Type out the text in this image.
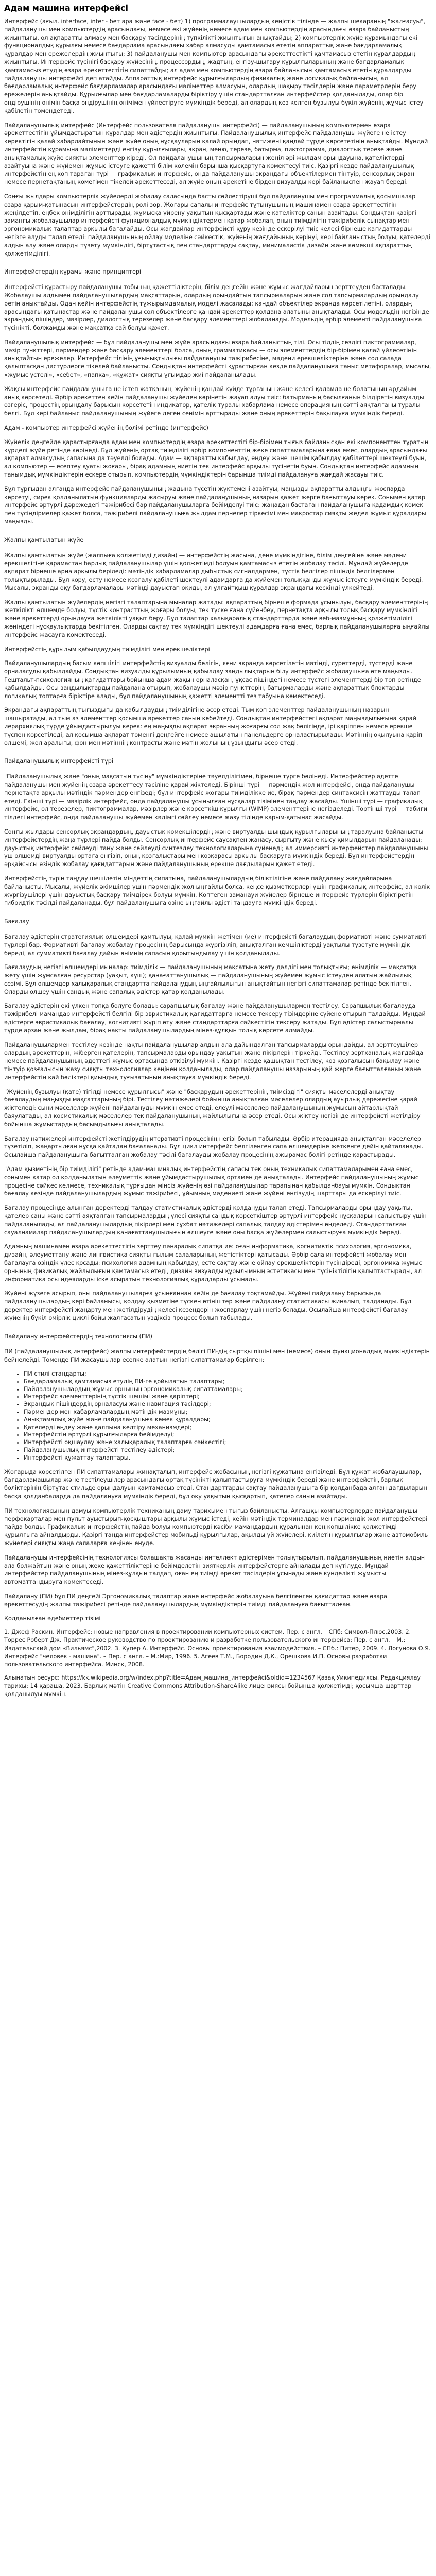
Адам машина интерфейсі

Интерфейс (ағыл. interface, inter - бет ара және face - бет) 1) программалаушылардың кеңістік тілінде — жалпы шекараның "жалғасуы", пайдаланушы мен компьютердің арасындағы, немесе екі жүйенің немесе адам мен компьютердің арасындағы өзара байланыстың жиынтығы, ол ақпаратты алмасу мен басқару тәсілдерінің түпкілікті жиынтығын анықтайды; 2) компьютерлік жүйе құрамындағы екі функционалдық құрылғы немесе бағдарлама арасындағы хабар алмасуды қамтамасыз ететін аппараттық және бағдарламалық құралдар мен ережелердің жиынтығы; 3) пайдаланушы мен компьютер арасындағы әрекеттестікті қамтамасыз ететін құралдардың жиынтығы. Интерфейс түсінігі басқару жүйесінің, процессордың, жадтың, енгізу-шығару құрылғыларының және бағдарламалық қамтамасыз етудің өзара әрекеттестігін сипаттайды; ал адам мен компьютердің өзара байланысын қамтамасыз ететін құралдарды пайдаланушы интерфейсі деп атайды. Аппараттық интерфейс құрылғылардың физикалық және логикалық байланысын, ал бағдарламалық интерфейс бағдарламалар арасындағы мәліметтер алмасуын, олардың шақыру тәсілдерін және параметрлерін беру ережелерін анықтайды. Құрылғылар мен бағдарламаларды біріктіру үшін стандартталған интерфейстер қолданылады, олар бір өндірушінің өнімін басқа өндірушінің өнімімен үйлестіруге мүмкіндік береді, ал олардың кез келген бұзылуы бүкіл жүйенің жұмыс істеу қабілетін төмендетеді.

Пайдаланушылық интерфейс (Интерфейс пользователя пайдаланушы интерфейсі) — пайдаланушының компьютермен өзара әрекеттестігін ұйымдастыратын құралдар мен әдістердің жиынтығы. Пайдаланушылық интерфейс пайдаланушы жүйеге не істеу керектігін қалай хабарлайтынын және жүйе оның нұсқауларын қалай орындап, нәтижені қандай түрде көрсететінін анықтайды. Мұндай интерфейстің құрамына мәліметтерді енгізу құрылғылары, экран, меню, терезе, батырма, пиктограмма, диалогтық терезе және анықтамалық жүйе сияқты элементтер кіреді. Ол пайдаланушының тапсырмаларын жеңіл әрі жылдам орындауына, қателіктерді азайтуына және жүйемен жұмыс істеуге қажетті білім көлемін барынша қысқартуға көмектесуі тиіс. Қазіргі кезде пайдаланушылық интерфейстің ең көп тараған түрі — графикалық интерфейс, онда пайдаланушы экрандағы объектілермен тінтуір, сенсорлық экран немесе пернетақтаның көмегімен тікелей әрекеттеседі, ал жүйе оның әрекетіне бірден визуалды кері байланыспен жауап береді.

Соңғы жылдары компьютерлік жүйелерді жобалау саласында басты сөйлестіруші бұл пайдаланушы мен программалық қосымшалар өзара қарым-қатынасын интерфейстердің рөлі зор. Жоғары сапалы интерфейс тұтынушының машинамен өзара әрекеттестігін жеңілдетіп, еңбек өнімділігін арттырады, жұмысқа үйрену уақытын қысқартады және қателіктер санын азайтады. Сондықтан қазіргі заманғы жобалаушылар интерфейсті функционалдық мүмкіндіктермен қатар жобалап, оның тиімділігін тәжірибелік сынақтар мен эргономикалық талаптар арқылы бағалайды. Осы жағдайлар интерфейсті құру кезінде ескерілуі тиіс келесі бірнеше қағидаттарды негізге алуды талап етеді: пайдаланушының ойлау моделіне сәйкестік, жүйенің жағдайының көрінуі, кері байланыстың болуы, қателерді алдын алу және оларды түзету мүмкіндігі, біртұтастық пен стандарттарды сақтау, минималистік дизайн және көмекші ақпараттың қолжетімділігі.

Интерфейстердің құрамы және принциптері

Интерфейсті құрастыру пайдаланушы тобының қажеттіліктерін, білім деңгейін және жұмыс жағдайларын зерттеуден басталады. Жобалаушы алдымен пайдаланушылардың мақсаттарын, олардың орындайтын тапсырмаларын және сол тапсырмалардың орындалу ретін анықтайды. Одан кейін интерфейстің тұжырымдамалық моделі жасалады: қандай объектілер экранда көрсетілетіні, олардың арасындағы қатынастар және пайдаланушы сол объектілерге қандай әрекеттер қолдана алатыны анықталады. Осы модельдің негізінде экрандық пішіндер, мәзірлер, диалогтық терезелер және басқару элементтері жобаланады. Модельдің әрбір элементі пайдаланушыға түсінікті, болжамды және мақсатқа сай болуы қажет.

Пайдаланушылық интерфейс — бұл пайдаланушы мен жүйе арасындағы өзара байланыстың тілі. Осы тілдің сөздігі пиктограммалар, мәзір пункттері, пәрмендер және басқару элементтері болса, оның грамматикасы — осы элементтердің бір-бірімен қалай үйлесетінін анықтайтын ережелер. Интерфейс тілінің ұғынықтылығы пайдаланушы тәжірибесіне, мәдени ерекшеліктеріне және сол салада қалыптасқан дәстүрлерге тікелей байланысты. Сондықтан интерфейсті құрастырған кезде пайдаланушыға таныс метафоралар, мысалы, «жұмыс үстелі», «себет», «папка», «құжат» сияқты ұғымдар жиі пайдаланылады.

Жақсы интерфейс пайдаланушыға не істеп жатқанын, жүйенің қандай күйде тұрғанын және келесі қадамда не болатынын әрдайым анық көрсетеді. Әрбір әрекеттен кейін пайдаланушы жүйеден көрінетін жауап алуы тиіс: батырманың басылғанын білдіретін визуалды өзгеріс, процестің орындалу барысын көрсететін индикатор, қателік туралы хабарлама немесе операцияның сәтті аяқталғаны туралы белгі. Бұл кері байланыс пайдаланушының жүйеге деген сенімін арттырады және оның әрекеттерін бақылауға мүмкіндік береді.

Адам - компьютер интерфейсі жүйенің бөлімі ретінде (интерфейс)

Жүйелік деңгейде қарастырғанда адам мен компьютердің өзара әрекеттестігі бір-бірімен тығыз байланысқан екі компоненттен тұратын күрделі жүйе ретінде көрінеді. Бұл жүйенің ортақ тиімділігі әрбір компоненттің жеке сипаттамаларына ғана емес, олардың арасындағы ақпарат алмасудың сапасына да тәуелді болады. Адам — ақпаратты қабылдау, өңдеу және шешім қабылдау қабілеттері шектеулі буын, ал компьютер — есептеу қуаты жоғары, бірақ адамның ниетін тек интерфейс арқылы түсінетін буын. Сондықтан интерфейс адамның танымдық мүмкіндіктерін ескере отырып, компьютердің мүмкіндіктерін барынша тиімді пайдалануға жағдай жасауы тиіс.

Бұл тұрғыдан алғанда интерфейс пайдаланушының жадына түсетін жүктемені азайтуы, маңызды ақпаратты алдыңғы жоспарда көрсетуі, сирек қолданылатын функцияларды жасыруы және пайдаланушының назарын қажет жерге бағыттауы керек. Сонымен қатар интерфейс әртүрлі дәрежедегі тәжірибесі бар пайдаланушыларға бейімделуі тиіс: жаңадан бастаған пайдаланушыға қадамдық көмек пен түсіндірмелер қажет болса, тәжірибелі пайдаланушыға жылдам пернелер тіркесімі мен макростар сияқты жедел жұмыс құралдары маңызды.

Жалпы қамтылатын жүйе

Жалпы қамтылатын жүйе (жалпыға қолжетімді дизайн) — интерфейстің жасына, дене мүмкіндігіне, білім деңгейіне және мәдени ерекшелігіне қарамастан барлық пайдаланушылар үшін қолжетімді болуын қамтамасыз ететін жобалау тәсілі. Мұндай жүйелерде ақпарат бірнеше арна арқылы беріледі: мәтіндік хабарламалар дыбыстық сигналдармен, түстік белгілер пішіндік белгілермен толықтырылады. Бұл көру, есту немесе қозғалу қабілеті шектеулі адамдарға да жүйемен толыққанды жұмыс істеуге мүмкіндік береді. Мысалы, экранды оқу бағдарламалары мәтінді дауыстап оқиды, ал ұлғайтқыш құралдар экрандағы кескінді үлкейтеді.

Жалпы қамтылатын жүйелердің негізгі талаптарына мыналар жатады: ақпараттың бірнеше формада ұсынылуы, басқару элементтерінің жеткілікті өлшемде болуы, түстік контрасттың жоғары болуы, тек түске ғана сүйенбеу, пернетақта арқылы толық басқару мүмкіндігі және әрекеттерді орындауға жеткілікті уақыт беру. Бұл талаптар халықаралық стандарттарда және веб-мазмұнның қолжетімділігі жөніндегі нұсқаулықтарда бекітілген. Оларды сақтау тек мүмкіндігі шектеулі адамдарға ғана емес, барлық пайдаланушыларға ыңғайлы интерфейс жасауға көмектеседі.

Интерфейстің құрылым қабылдаудың тиімділігі мен ерекшеліктері

Пайдаланушылардың басым көпшілігі интерфейстің визуалды бөлігін, яғни экранда көрсетілетін мәтінді, суреттерді, түстерді және орналасуды қабылдайды. Сондықтан визуалды құрылымның қабылдау заңдылықтарын білу интерфейс жобалаушыға өте маңызды. Гештальт-психологияның қағидаттары бойынша адам жақын орналасқан, ұқсас пішіндегі немесе түстегі элементтерді бір топ ретінде қабылдайды. Осы заңдылықтарды пайдалана отырып, жобалаушы мәзір пункттерін, батырмаларды және ақпараттық блоктарды логикалық топтарға біріктіре алады, бұл пайдаланушының қажетті элементті тез табуына көмектеседі.

Экрандағы ақпараттың тығыздығы да қабылдаудың тиімділігіне әсер етеді. Тым көп элементтер пайдаланушының назарын шашыратады, ал тым аз элементтер қосымша әрекеттер санын көбейтеді. Сондықтан интерфейстегі ақпарат маңыздылығына қарай иерархиялық түрде ұйымдастырылуы керек: ең маңызды ақпарат экранның жоғарғы сол жақ бөлігінде, ірі қаріппен немесе ерекше түспен көрсетіледі, ал қосымша ақпарат төменгі деңгейге немесе ашылатын панельдерге орналастырылады. Мәтіннің оқылуына қаріп өлшемі, жол аралығы, фон мен мәтіннің контрасты және мәтін жолының ұзындығы әсер етеді.

Пайдаланушылық интерфейсті түрі

"Пайдаланушылық және "оның мақсатын түсіну" мүмкіндіктеріне тәуелділігімен, бірнеше түрге бөлінеді. Интерфейстер әдетте пайдаланушы мен жүйенің өзара әрекеттесу тәсіліне қарай жіктеледі. Бірінші түрі — пәрмендік жол интерфейсі, онда пайдаланушы пернетақта арқылы мәтіндік пәрмендер енгізеді; бұл интерфейс жоғары тиімділікке ие, бірақ пәрмендер синтаксисін жаттауды талап етеді. Екінші түрі — мәзірлік интерфейс, онда пайдаланушы ұсынылған нұсқалар тізімінен таңдау жасайды. Үшінші түрі — графикалық интерфейс, ол терезелер, пиктограммалар, мәзірлер және көрсеткіш құрылғы (WIMP) элементтеріне негізделеді. Төртінші түрі — табиғи тілдегі интерфейс, онда пайдаланушы жүйемен кәдімгі сөйлеу немесе жазу тілінде қарым-қатынас жасайды.

Соңғы жылдары сенсорлық экрандардың, дауыстық көмекшілердің және виртуалды шындық құрылғыларының таралуына байланысты интерфейстердің жаңа түрлері пайда болды. Сенсорлық интерфейс саусақпен жанасу, сырғыту және қысу қимылдарын пайдаланады; дауыстық интерфейс сөйлеуді тану және сөйлеуді синтездеу технологияларына сүйенеді; ал иммерсивті интерфейстер пайдаланушыны үш өлшемді виртуалды ортаға енгізіп, оның қозғалыстары мен көзқарасы арқылы басқаруға мүмкіндік береді. Бұл интерфейстердің әрқайсысы өзіндік жобалау қағидаттарын және пайдаланушының ерекше дағдыларын қажет етеді.

Интерфейстің түрін таңдау шешілетін міндеттің сипатына, пайдаланушылардың біліктілігіне және пайдалану жағдайларына байланысты. Мысалы, жүйелік әкімшілер үшін пәрмендік жол ыңғайлы болса, кеңсе қызметкерлері үшін графикалық интерфейс, ал көлік жүргізушілері үшін дауыстық басқару тиімдірек болуы мүмкін. Көптеген заманауи жүйелер бірнеше интерфейс түрлерін біріктіретін гибридтік тәсілді пайдаланады, бұл пайдаланушыға өзіне ыңғайлы әдісті таңдауға мүмкіндік береді.

Бағалау

Бағалау әдістерін стратегиялық өлшемдері қамтылуы, қалай мүмкін жетімен (ие) интерфейсті бағалаудың формативті және суммативті түрлері бар. Формативті бағалау жобалау процесінің барысында жүргізіліп, анықталған кемшіліктерді уақтылы түзетуге мүмкіндік береді, ал суммативті бағалау дайын өнімнің сапасын қорытындылау үшін қолданылады.

Бағалаудың негізгі өлшемдері мыналар: тиімділік — пайдаланушының мақсатына жету дәлдігі мен толықтығы; өнімділік — мақсатқа жету үшін жұмсалған ресурстар (уақыт, күш); қанағаттанушылық — пайдаланушының жүйемен жұмыс істеуден алатын жайлылық сезімі. Бұл өлшемдер халықаралық стандартта пайдаланудың ыңғайлылығын анықтайтын негізгі сипаттамалар ретінде бекітілген. Оларды өлшеу үшін сандық және сапалық әдістер қатар қолданылады.

Бағалау әдістерін екі үлкен топқа бөлуге болады: сарапшылық бағалау және пайдаланушылармен тестілеу. Сарапшылық бағалауда тәжірибелі мамандар интерфейсті белгілі бір эвристикалық қағидаттарға немесе тексеру тізімдеріне сүйене отырып талдайды. Мұндай әдістерге эвристикалық бағалау, когнитивті жүріп өту және стандарттарға сәйкестігін тексеру жатады. Бұл әдістер салыстырмалы түрде арзан және жылдам, бірақ нақты пайдаланушылардың мінез-құлқын толық көрсете алмайды.

Пайдаланушылармен тестілеу кезінде нақты пайдаланушылар алдын ала дайындалған тапсырмаларды орындайды, ал зерттеушілер олардың әрекеттерін, жіберген қателерін, тапсырмаларды орындау уақытын және пікірлерін тіркейді. Тестілеу зертханалық жағдайда немесе пайдаланушының әдеттегі жұмыс ортасында өткізілуі мүмкін. Қазіргі кезде қашықтан тестілеу, көз қозғалысын бақылау және тінтуір қозғалысын жазу сияқты технологиялар кеңінен қолданылады, олар пайдаланушы назарының қай жерге бағытталғанын және интерфейстің қай бөліктері қиындық туғызатынын анықтауға мүмкіндік береді.

"Жүйенің бұзылуы (қате) тігілді немесе құрылғысы" және "басқарудың әрекеттерінің тиімсіздігі" сияқты мәселелерді анықтау бағалаудың маңызды мақсаттарының бірі. Тестілеу нәтижелері бойынша анықталған мәселелер олардың ауырлық дәрежесіне қарай жіктеледі: сыни мәселелер жүйені пайдалануды мүмкін емес етеді, елеулі мәселелер пайдаланушының жұмысын айтарлықтай баяулатады, ал косметикалық мәселелер тек пайдаланушының жайлылығына әсер етеді. Осы жіктеу негізінде интерфейсті жетілдіру бойынша жұмыстардың басымдылығы анықталады.

Бағалау нәтижелері интерфейсті жетілдірудің итеративті процесінің негізі болып табылады. Әрбір итерацияда анықталған мәселелер түзетіліп, жаңартылған нұсқа қайтадан бағаланады. Бұл цикл интерфейс белгіленген сапа өлшемдеріне жеткенге дейін қайталанады. Осылайша пайдаланушыға бағытталған жобалау тәсілі бағалауды жобалау процесінің ажырамас бөлігі ретінде қарастырады.

"Адам қызметінің бір тиімділігі" ретінде адам-машиналық интерфейстің сапасы тек оның техникалық сипаттамаларымен ғана емес, сонымен қатар ол қолданылатын әлеуметтік және ұйымдастырушылық ортамен де анықталады. Интерфейс пайдаланушының жұмыс процесіне сәйкес келмесе, техникалық тұрғыдан мінсіз жүйенің өзі пайдаланушылар тарапынан қабылданбауы мүмкін. Сондықтан бағалау кезінде пайдаланушылардың жұмыс тәжірибесі, ұйымның мәдениеті және жүйені енгізудің шарттары да ескерілуі тиіс.

Бағалау процесінде алынған деректерді талдау статистикалық әдістерді қолдануды талап етеді. Тапсырмаларды орындау уақыты, қателер саны және сәтті аяқталған тапсырмалардың үлесі сияқты сандық көрсеткіштер әртүрлі интерфейс нұсқаларын салыстыру үшін пайдаланылады, ал пайдаланушылардың пікірлері мен сұхбат нәтижелері сапалық талдау әдістерімен өңделеді. Стандартталған сауалнамалар пайдаланушылардың қанағаттанушылығын өлшеуге және оны басқа жүйелермен салыстыруға мүмкіндік береді.

Адамның машинамен өзара әрекеттестігін зерттеу пәнаралық сипатқа ие: оған информатика, когнитивтік психология, эргономика, дизайн, әлеуметтану және лингвистика сияқты ғылым салаларының жетістіктері қатысады. Әрбір сала интерфейсті жобалау мен бағалауға өзіндік үлес қосады: психология адамның қабылдау, есте сақтау және ойлау ерекшеліктерін түсіндіреді, эргономика жұмыс орнының физикалық жайлылығын қамтамасыз етеді, дизайн визуалды құрылымның эстетикасы мен түсініктілігін қалыптастырады, ал информатика осы идеяларды іске асыратын технологиялық құралдарды ұсынады.

Жүйені жүзеге асырып, оны пайдаланушыларға ұсынғаннан кейін де бағалау тоқтамайды. Жүйені пайдалану барысында пайдаланушылардың кері байланысы, қолдау қызметіне түскен өтініштер және пайдалану статистикасы жиналып, талданады. Бұл деректер интерфейсті жаңарту мен жетілдірудің келесі кезеңдерін жоспарлау үшін негіз болады. Осылайша интерфейсті бағалау жүйенің бүкіл өмірлік циклі бойы жалғасатын үздіксіз процесс болып табылады.

Пайдалану интерфейстердің технологиясы (ПИ)

ПИ (пайдаланушылық интерфейс) жалпы интерфейстердің бөлігі ПИ-дің сыртқы пішіні мен (немесе) оның функционалдық мүмкіндіктерін бейнелейді. Төменде ПИ жасаушылар есепке алатын негізгі сипаттамалар берілген:

• ПИ стилі стандарты;
• Бағдарламалық қамтамасыз етудің ПИ-ге қойылатын талаптары;
• Пайдаланушылардың жұмыс орнының эргономикалық сипаттамалары;
• Интерфейс элементтерінің түстік шешімі және қаріптері;
• Экрандық пішіндердің орналасуы және навигация тәсілдері;
• Пәрмендер мен хабарламалардың мәтіндік мазмұны;
• Анықтамалық жүйе және пайдаланушыға көмек құралдары;
• Қателерді өңдеу және қалпына келтіру механизмдері;
• Интерфейстің әртүрлі құрылғыларға бейімделуі;
• Интерфейсті оқшаулау және халықаралық талаптарға сәйкестігі;
• Пайдаланушылық интерфейсті тестілеу әдістері;
• Интерфейсті құжаттау талаптары.

Жоғарыда көрсетілген ПИ сипаттамалары жинақталып, интерфейс жобасының негізгі құжатына енгізіледі. Бұл құжат жобалаушылар, бағдарламашылар және тестілеушілер арасындағы ортақ түсінікті қалыптастыруға мүмкіндік береді және интерфейстің барлық бөліктерінің біртұтас стильде орындалуын қамтамасыз етеді. Стандарттарды сақтау пайдаланушыға бір қолданбада алған дағдыларын басқа қолданбаларда да пайдалануға мүмкіндік береді, бұл оқу уақытын қысқартып, қателер санын азайтады.

ПИ технологиясының дамуы компьютерлік техниканың даму тарихымен тығыз байланысты. Алғашқы компьютерлерде пайдаланушы перфокарталар мен пульт ауыстырып-қосқыштары арқылы жұмыс істеді, кейін мәтіндік терминалдар мен пәрмендік жол интерфейстері пайда болды. Графикалық интерфейстің пайда болуы компьютерді кәсіби мамандардың құралынан кең көпшілікке қолжетімді құрылғыға айналдырды. Қазіргі таңда интерфейстер мобильді құрылғылар, ақылды үй жүйелері, киілетін құрылғылар және автомобиль жүйелері сияқты жаңа салаларға кеңінен енуде.

Пайдаланушы интерфейсінің технологиясы болашақта жасанды интеллект әдістерімен толықтырылып, пайдаланушының ниетін алдын ала болжайтын және оның жеке қажеттіліктеріне бейімделетін зияткерлік интерфейстерге айналады деп күтілуде. Мұндай интерфейстер пайдаланушының мінез-құлқын талдап, оған ең тиімді әрекет тәсілдерін ұсынады және күнделікті жұмысты автоматтандыруға көмектеседі.

Пайдалану (ПИ) бұл ПИ деңгейі Эргономикалық талаптар және интерфейс жобалауына белгіленген қағидаттар және өзара әрекеттесудің жалпы тәжірибесі ретінде пайдаланушылардың мүмкіндіктерін тиімді пайдалануға бағытталған.

Қолданылған әдебиеттер тізімі

1. Джеф Раскин. Интерфейс: новые направления в проектировании компьютерных систем. Пер. с англ. – СПб: Символ-Плюс,2003. 2. Торрес Роберт Дж. Практическое руководство по проектированию и разработке пользовательского интерфейса: Пер. с англ. – М.: Издательский дом «Вильямс",2002. 3. Купер А. Интерфейс. Основы проектирования взаимодействия. – СПб.: Питер, 2009. 4. Логунова О.Я. Интерфейс "человек - машина". – Пер. с англ. – М.:Мир, 1996. 5. Агеев Т.М., Бородин Д.К., Орешкова И.П. Основы разработки пользовательского интерфейса. Минск, 2008.

Алынатын ресурс: https://kk.wikipedia.org/w/index.php?title=Адам_машина_интерфейсі&oldid=1234567 Қазақ Уикипедиясы. Редакциялау тарихы: 14 қараша, 2023. Барлық мәтін Creative Commons Attribution-ShareAlike лицензиясы бойынша қолжетімді; қосымша шарттар қолданылуы мүмкін.
